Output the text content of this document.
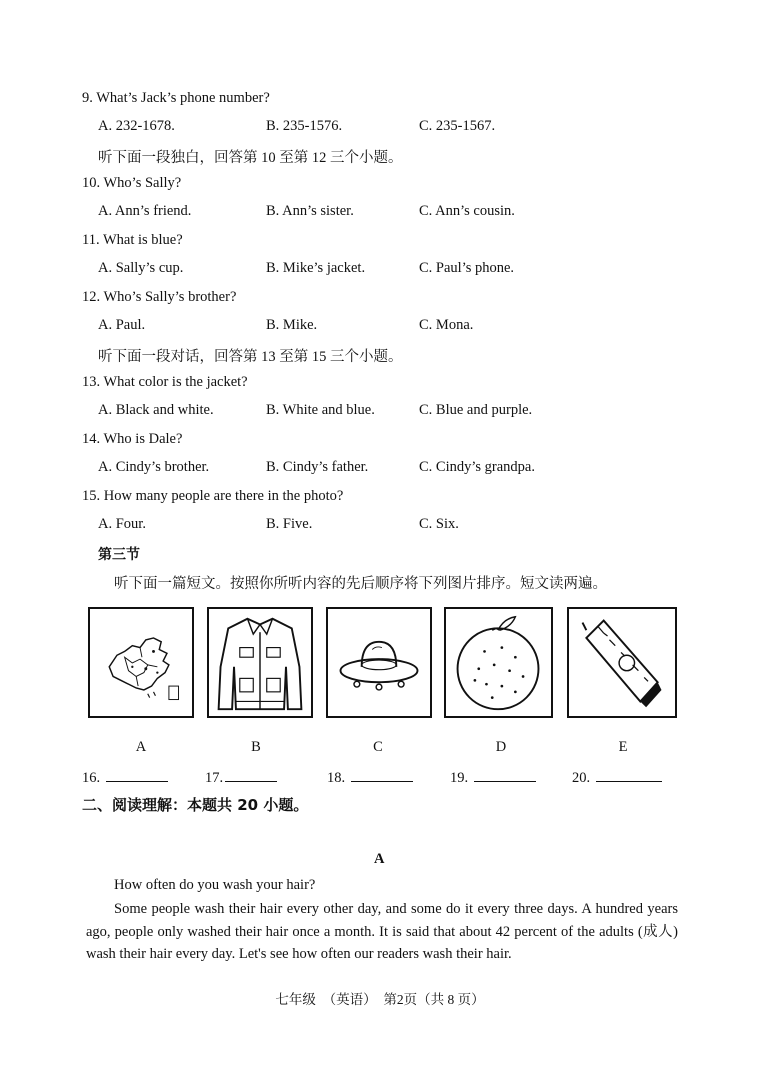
9. What’s Jack’s phone number?
A. 232-1678.	B. 235-1576.	C. 235-1567.
听下面一段独白，回答第 10 至第 12 三个小题。
10. Who’s Sally?
A. Ann’s friend.	B. Ann’s sister.	C. Ann’s cousin.
11. What is blue?
A. Sally’s cup.	B. Mike’s jacket.	C. Paul’s phone.
12. Who’s Sally’s brother?
A. Paul.	B. Mike.	C. Mona.
听下面一段对话，回答第 13 至第 15 三个小题。
13. What color is the jacket?
A. Black and white.	B. White and blue.	C. Blue and purple.
14. Who is Dale?
A. Cindy’s brother.	B. Cindy’s father.	C. Cindy’s grandpa.
15. How many people are there in the photo?
A. Four.	B. Five.	C. Six.
第三节
听下面一篇短文。按照你所听内容的先后顺序将下列图片排序。短文读两遍。
A	B	C	D	E
16.	17.	18.	19.	20.
二、阅读理解：本题共 20 小题。
A
How often do you wash your hair?
Some people wash their hair every other day, and some do it every three days. A hundred years ago, people only washed their hair once a month. It is said that about 42 percent of the adults (成人) wash their hair every day. Let's see how often our readers wash their hair.
七年级　（英语）　第2页（共 8 页）
